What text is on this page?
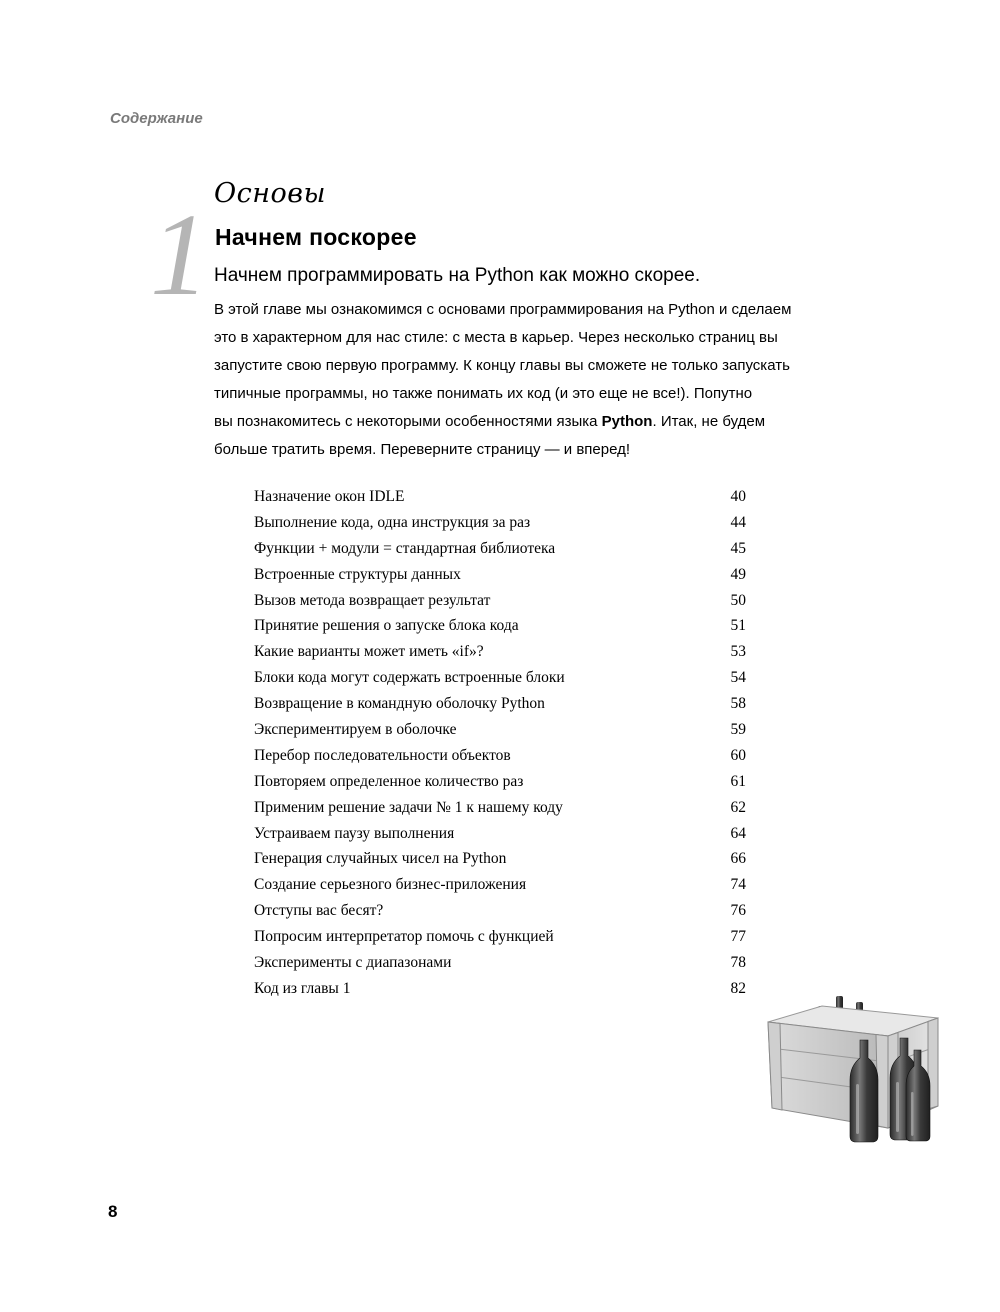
Содержание
Основы
1 Начнем поскорее
Начнем программировать на Python как можно скорее.
В этой главе мы ознакомимся с основами программирования на Python и сделаем
это в характерном для нас стиле: с места в карьер. Через несколько страниц вы
запустите свою первую программу. К концу главы вы сможете не только запускать
типичные программы, но также понимать их код (и это еще не все!). Попутно
вы познакомитесь с некоторыми особенностями языка Python. Итак, не будем
больше тратить время. Переверните страницу — и вперед!
Назначение окон IDLE	40
Выполнение кода, одна инструкция за раз	44
Функции + модули = стандартная библиотека	45
Встроенные структуры данных	49
Вызов метода возвращает результат	50
Принятие решения о запуске блока кода	51
Какие варианты может иметь «if»?	53
Блоки кода могут содержать встроенные блоки	54
Возвращение в командную оболочку Python	58
Экспериментируем в оболочке	59
Перебор последовательности объектов	60
Повторяем определенное количество раз	61
Применим решение задачи № 1 к нашему коду	62
Устраиваем паузу выполнения	64
Генерация случайных чисел на Python	66
Создание серьезного бизнес-приложения	74
Отступы вас бесят?	76
Попросим интерпретатор помочь с функцией	77
Эксперименты с диапазонами	78
Код из главы 1	82
8
